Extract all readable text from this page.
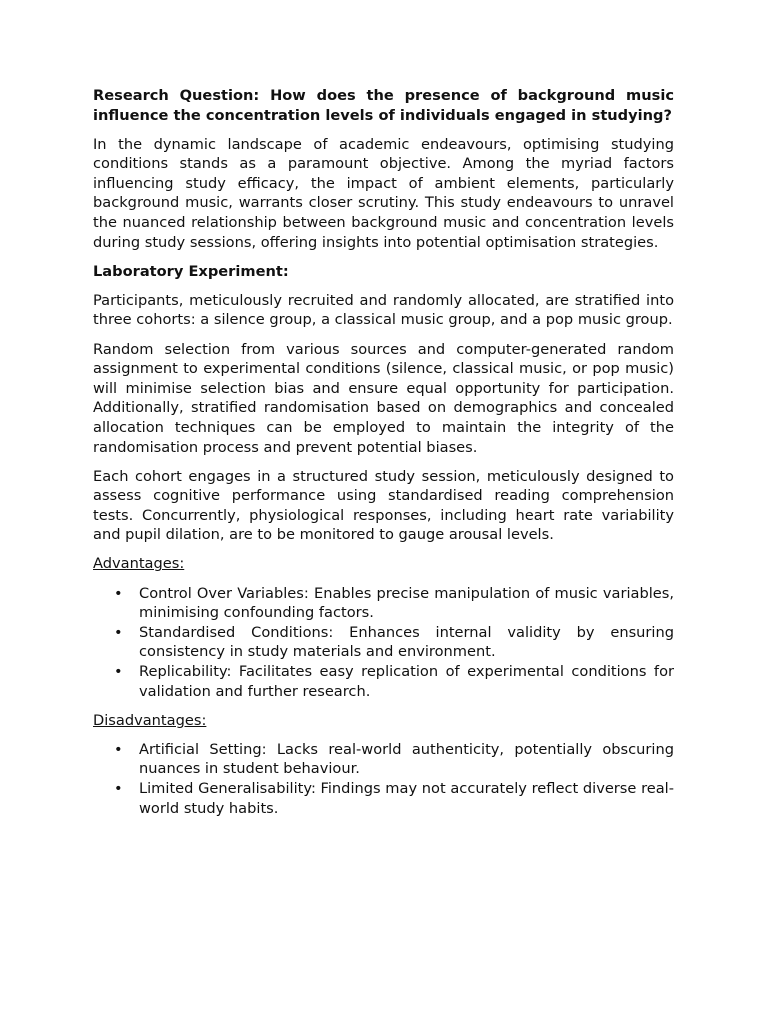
Research Question: How does the presence of background music influence the concentration levels of individuals engaged in studying?

In the dynamic landscape of academic endeavours, optimising studying conditions stands as a paramount objective. Among the myriad factors influencing study efficacy, the impact of ambient elements, particularly background music, warrants closer scrutiny. This study endeavours to unravel the nuanced relationship between background music and concentration levels during study sessions, offering insights into potential optimisation strategies.

Laboratory Experiment:

Participants, meticulously recruited and randomly allocated, are stratified into three cohorts: a silence group, a classical music group, and a pop music group.

Random selection from various sources and computer-generated random assignment to experimental conditions (silence, classical music, or pop music) will minimise selection bias and ensure equal opportunity for participation. Additionally, stratified randomisation based on demographics and concealed allocation techniques can be employed to maintain the integrity of the randomisation process and prevent potential biases.

Each cohort engages in a structured study session, meticulously designed to assess cognitive performance using standardised reading comprehension tests. Concurrently, physiological responses, including heart rate variability and pupil dilation, are to be monitored to gauge arousal levels.

Advantages:

• Control Over Variables: Enables precise manipulation of music variables, minimising confounding factors.
• Standardised Conditions: Enhances internal validity by ensuring consistency in study materials and environment.
• Replicability: Facilitates easy replication of experimental conditions for validation and further research.

Disadvantages:

• Artificial Setting: Lacks real-world authenticity, potentially obscuring nuances in student behaviour.
• Limited Generalisability: Findings may not accurately reflect diverse real-world study habits.
